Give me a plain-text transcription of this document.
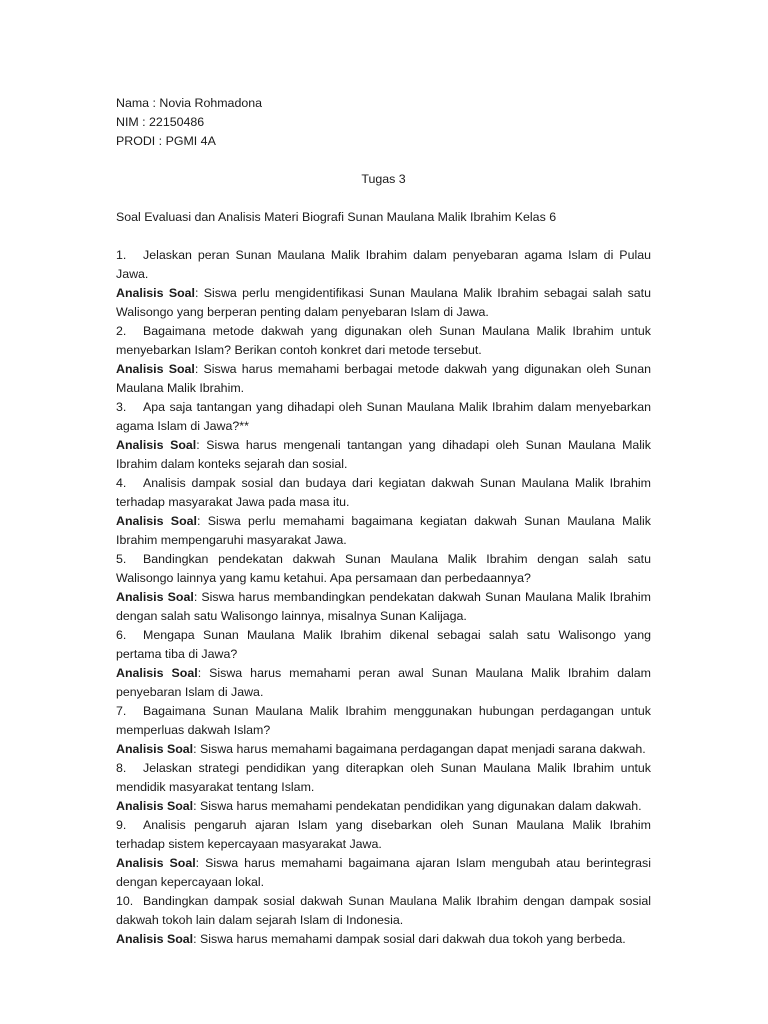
Nama : Novia Rohmadona
NIM : 22150486
PRODI : PGMI 4A
Tugas 3
Soal Evaluasi dan Analisis Materi Biografi Sunan Maulana Malik Ibrahim Kelas 6
1. Jelaskan peran Sunan Maulana Malik Ibrahim dalam penyebaran agama Islam di Pulau Jawa.
Analisis Soal: Siswa perlu mengidentifikasi Sunan Maulana Malik Ibrahim sebagai salah satu Walisongo yang berperan penting dalam penyebaran Islam di Jawa.
2. Bagaimana metode dakwah yang digunakan oleh Sunan Maulana Malik Ibrahim untuk menyebarkan Islam? Berikan contoh konkret dari metode tersebut.
Analisis Soal: Siswa harus memahami berbagai metode dakwah yang digunakan oleh Sunan Maulana Malik Ibrahim.
3. Apa saja tantangan yang dihadapi oleh Sunan Maulana Malik Ibrahim dalam menyebarkan agama Islam di Jawa?**
Analisis Soal: Siswa harus mengenali tantangan yang dihadapi oleh Sunan Maulana Malik Ibrahim dalam konteks sejarah dan sosial.
4. Analisis dampak sosial dan budaya dari kegiatan dakwah Sunan Maulana Malik Ibrahim terhadap masyarakat Jawa pada masa itu.
Analisis Soal: Siswa perlu memahami bagaimana kegiatan dakwah Sunan Maulana Malik Ibrahim mempengaruhi masyarakat Jawa.
5. Bandingkan pendekatan dakwah Sunan Maulana Malik Ibrahim dengan salah satu Walisongo lainnya yang kamu ketahui. Apa persamaan dan perbedaannya?
Analisis Soal: Siswa harus membandingkan pendekatan dakwah Sunan Maulana Malik Ibrahim dengan salah satu Walisongo lainnya, misalnya Sunan Kalijaga.
6. Mengapa Sunan Maulana Malik Ibrahim dikenal sebagai salah satu Walisongo yang pertama tiba di Jawa?
Analisis Soal: Siswa harus memahami peran awal Sunan Maulana Malik Ibrahim dalam penyebaran Islam di Jawa.
7. Bagaimana Sunan Maulana Malik Ibrahim menggunakan hubungan perdagangan untuk memperluas dakwah Islam?
Analisis Soal: Siswa harus memahami bagaimana perdagangan dapat menjadi sarana dakwah.
8. Jelaskan strategi pendidikan yang diterapkan oleh Sunan Maulana Malik Ibrahim untuk mendidik masyarakat tentang Islam.
Analisis Soal: Siswa harus memahami pendekatan pendidikan yang digunakan dalam dakwah.
9. Analisis pengaruh ajaran Islam yang disebarkan oleh Sunan Maulana Malik Ibrahim terhadap sistem kepercayaan masyarakat Jawa.
Analisis Soal: Siswa harus memahami bagaimana ajaran Islam mengubah atau berintegrasi dengan kepercayaan lokal.
10. Bandingkan dampak sosial dakwah Sunan Maulana Malik Ibrahim dengan dampak sosial dakwah tokoh lain dalam sejarah Islam di Indonesia.
Analisis Soal: Siswa harus memahami dampak sosial dari dakwah dua tokoh yang berbeda.
